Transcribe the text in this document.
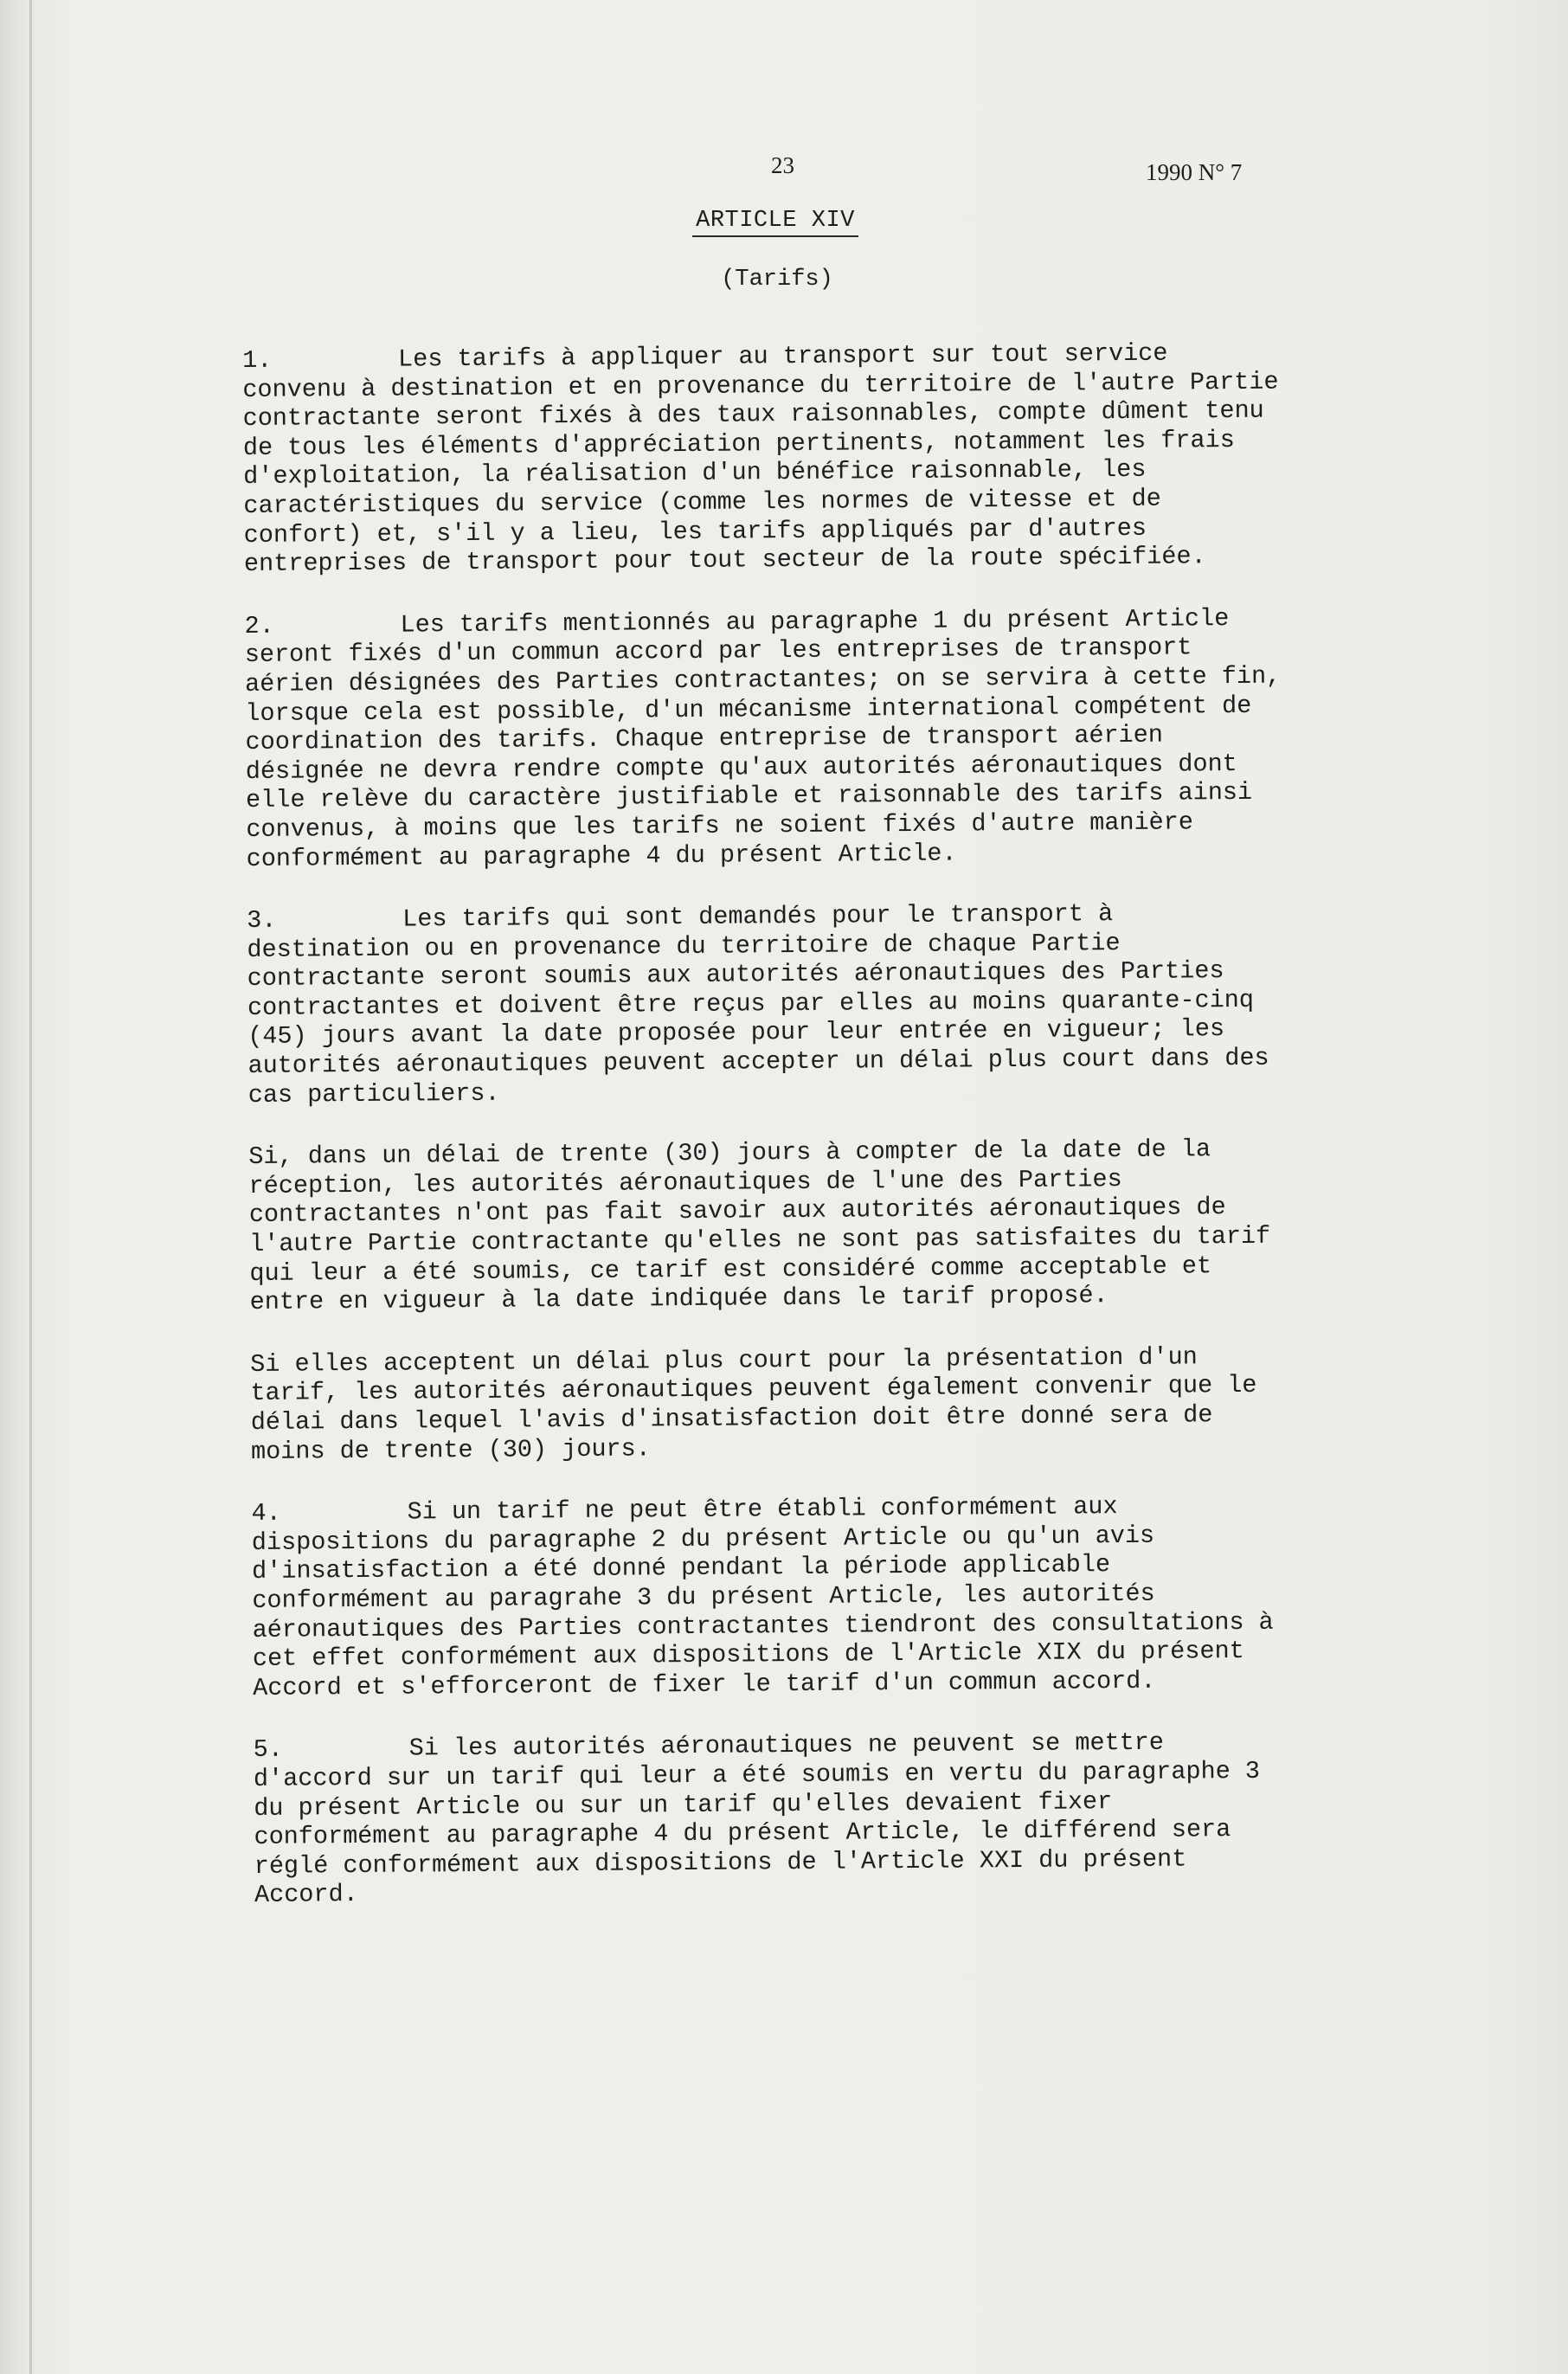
23	1990 N° 7
ARTICLE XIV
(Tarifs)
1.	Les tarifs à appliquer au transport sur tout service convenu à destination et en provenance du territoire de l'autre Partie contractante seront fixés à des taux raisonnables, compte dûment tenu de tous les éléments d'appréciation pertinents, notamment les frais d'exploitation, la réalisation d'un bénéfice raisonnable, les caractéristiques du service (comme les normes de vitesse et de confort) et, s'il y a lieu, les tarifs appliqués par d'autres entreprises de transport pour tout secteur de la route spécifiée.
2.	Les tarifs mentionnés au paragraphe 1 du présent Article seront fixés d'un commun accord par les entreprises de transport aérien désignées des Parties contractantes; on se servira à cette fin, lorsque cela est possible, d'un mécanisme international compétent de coordination des tarifs. Chaque entreprise de transport aérien désignée ne devra rendre compte qu'aux autorités aéronautiques dont elle relève du caractère justifiable et raisonnable des tarifs ainsi convenus, à moins que les tarifs ne soient fixés d'autre manière conformément au paragraphe 4 du présent Article.
3.	Les tarifs qui sont demandés pour le transport à destination ou en provenance du territoire de chaque Partie contractante seront soumis aux autorités aéronautiques des Parties contractantes et doivent être reçus par elles au moins quarante-cinq (45) jours avant la date proposée pour leur entrée en vigueur; les autorités aéronautiques peuvent accepter un délai plus court dans des cas particuliers.
Si, dans un délai de trente (30) jours à compter de la date de la réception, les autorités aéronautiques de l'une des Parties contractantes n'ont pas fait savoir aux autorités aéronautiques de l'autre Partie contractante qu'elles ne sont pas satisfaites du tarif qui leur a été soumis, ce tarif est considéré comme acceptable et entre en vigueur à la date indiquée dans le tarif proposé.
Si elles acceptent un délai plus court pour la présentation d'un tarif, les autorités aéronautiques peuvent également convenir que le délai dans lequel l'avis d'insatisfaction doit être donné sera de moins de trente (30) jours.
4.	Si un tarif ne peut être établi conformément aux dispositions du paragraphe 2 du présent Article ou qu'un avis d'insatisfaction a été donné pendant la période applicable conformément au paragrahe 3 du présent Article, les autorités aéronautiques des Parties contractantes tiendront des consultations à cet effet conformément aux dispositions de l'Article XIX du présent Accord et s'efforceront de fixer le tarif d'un commun accord.
5.	Si les autorités aéronautiques ne peuvent se mettre d'accord sur un tarif qui leur a été soumis en vertu du paragraphe 3 du présent Article ou sur un tarif qu'elles devaient fixer conformément au paragraphe 4 du présent Article, le différend sera réglé conformément aux dispositions de l'Article XXI du présent Accord.
